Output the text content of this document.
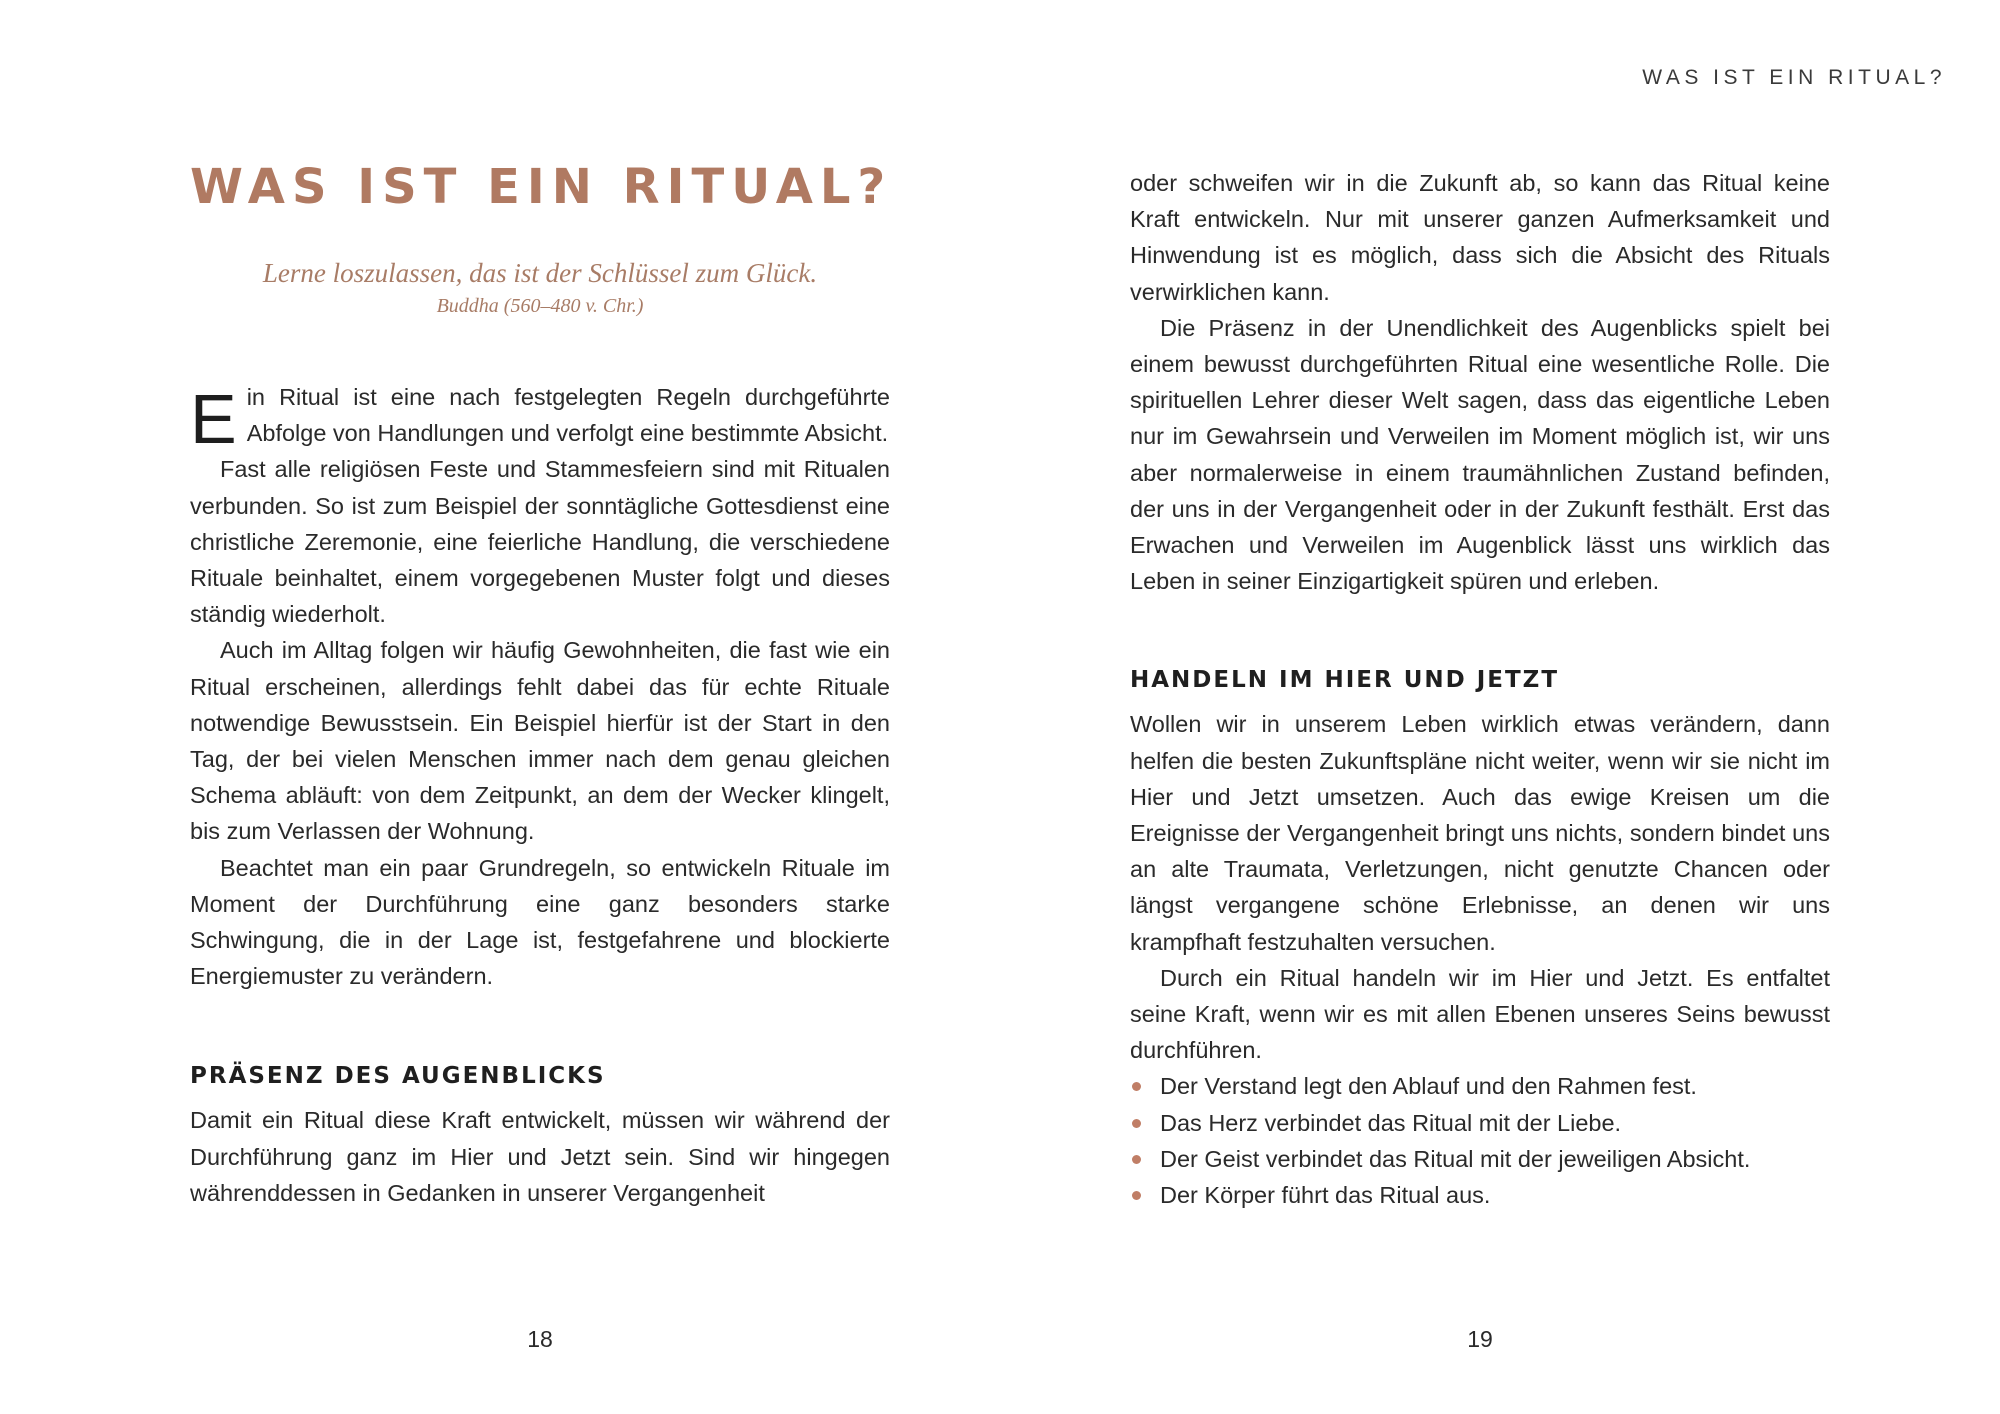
WAS IST EIN RITUAL?
Lerne loszulassen, das ist der Schlüssel zum Glück.
Buddha (560–480 v. Chr.)

Ein Ritual ist eine nach festgelegten Regeln durchgeführte Abfolge von Handlungen und verfolgt eine bestimmte Absicht.

Fast alle religiösen Feste und Stammesfeiern sind mit Ritualen verbunden. So ist zum Beispiel der sonntägliche Gottesdienst eine christliche Zeremonie, eine feierliche Handlung, die verschiedene Rituale beinhaltet, einem vorgegebenen Muster folgt und dieses ständig wiederholt.

Auch im Alltag folgen wir häufig Gewohnheiten, die fast wie ein Ritual erscheinen, allerdings fehlt dabei das für echte Rituale notwendige Bewusstsein. Ein Beispiel hierfür ist der Start in den Tag, der bei vielen Menschen immer nach dem genau gleichen Schema abläuft: von dem Zeitpunkt, an dem der Wecker klingelt, bis zum Verlassen der Wohnung.

Beachtet man ein paar Grundregeln, so entwickeln Rituale im Moment der Durchführung eine ganz besonders starke Schwingung, die in der Lage ist, festgefahrene und blockierte Energiemuster zu verändern.

PRÄSENZ DES AUGENBLICKS

Damit ein Ritual diese Kraft entwickelt, müssen wir während der Durchführung ganz im Hier und Jetzt sein. Sind wir hingegen währenddessen in Gedanken in unserer Vergangenheit

18
WAS IST EIN RITUAL?

oder schweifen wir in die Zukunft ab, so kann das Ritual keine Kraft entwickeln. Nur mit unserer ganzen Aufmerksamkeit und Hinwendung ist es möglich, dass sich die Absicht des Rituals verwirklichen kann.

Die Präsenz in der Unendlichkeit des Augenblicks spielt bei einem bewusst durchgeführten Ritual eine wesentliche Rolle. Die spirituellen Lehrer dieser Welt sagen, dass das eigentliche Leben nur im Gewahrsein und Verweilen im Moment möglich ist, wir uns aber normalerweise in einem traumähnlichen Zustand befinden, der uns in der Vergangenheit oder in der Zukunft festhält. Erst das Erwachen und Verweilen im Augenblick lässt uns wirklich das Leben in seiner Einzigartigkeit spüren und erleben.

HANDELN IM HIER UND JETZT

Wollen wir in unserem Leben wirklich etwas verändern, dann helfen die besten Zukunftspläne nicht weiter, wenn wir sie nicht im Hier und Jetzt umsetzen. Auch das ewige Kreisen um die Ereignisse der Vergangenheit bringt uns nichts, sondern bindet uns an alte Traumata, Verletzungen, nicht genutzte Chancen oder längst vergangene schöne Erlebnisse, an denen wir uns krampfhaft festzuhalten versuchen.

Durch ein Ritual handeln wir im Hier und Jetzt. Es entfaltet seine Kraft, wenn wir es mit allen Ebenen unseres Seins bewusst durchführen.

Der Verstand legt den Ablauf und den Rahmen fest.
Das Herz verbindet das Ritual mit der Liebe.
Der Geist verbindet das Ritual mit der jeweiligen Absicht.
Der Körper führt das Ritual aus.
19
